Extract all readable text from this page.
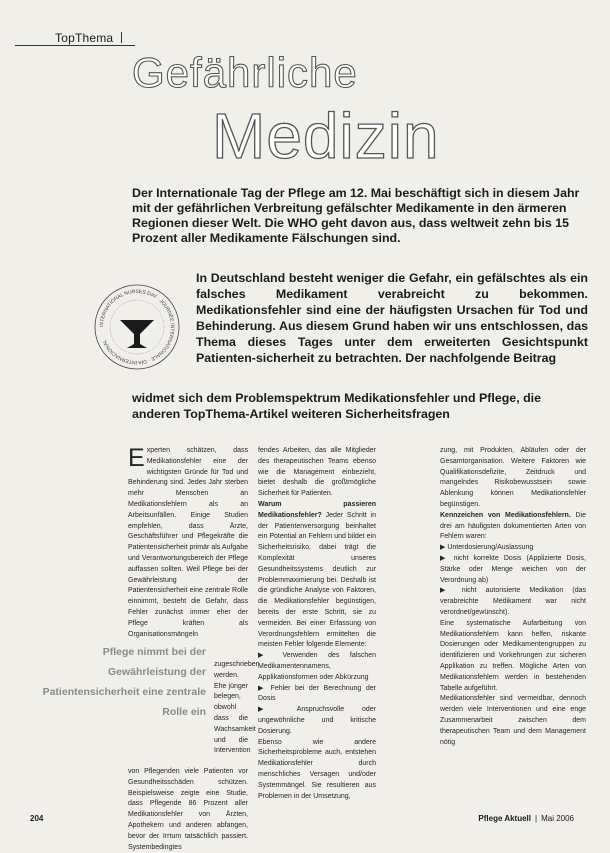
TopThema
Gefährliche
Medizin
Der Internationale Tag der Pflege am 12. Mai beschäftigt sich in diesem Jahr mit der gefährlichen Verbreitung gefälschter Medikamente in den ärmeren Regionen dieser Welt. Die WHO geht davon aus, dass weltweit zehn bis 15 Prozent aller Medikamente Fälschungen sind.
INTERNATIONAL NURSES DAY · JOURNÉE INTERNATIONALE · DÍA INTERNACIONAL
In Deutschland besteht weniger die Gefahr, ein gefälschtes als ein falsches Medikament verabreicht zu bekommen. Medikationsfehler sind eine der häufigsten Ursachen für Tod und Behinderung. Aus diesem Grund haben wir uns entschlossen, das Thema dieses Tages unter dem erweiterten Gesichtspunkt Patienten-sicherheit zu betrachten. Der nachfolgende Beitrag
widmet sich dem Problemspektrum Medikationsfehler und Pflege, die anderen TopThema-Artikel weiteren Sicherheitsfragen

E xperten schätzen, dass Medikationsfehler eine der wichtigsten Gründe für Tod und Behinderung sind. Jedes Jahr sterben mehr Menschen an Medikationsfehlern als an Arbeitsunfällen. Einige Studien empfehlen, dass Ärzte, Geschäftsführer und Pflegekräfte die Patientensicherheit primär als Aufgabe und Verantwortungsbereich der Pflege auffassen sollten. Weil Pflege bei der Gewährleistung der Patientensicherheit eine zentrale Rolle einnimmt, besteht die Gefahr, dass Fehler zunächst immer eher der Pflege kräften als Organisationsmängeln

Pflege nimmt bei der Gewährleistung der Patientensicherheit eine zentrale Rolle ein
zugeschrieben werden. Ehe jünger belegen, obwohl dass die Wachsamkeit und die Intervention
von Pflegenden viele Patienten vor Gesundheitsschäden schützen. Beispielsweise zeigte eine Studie, dass Pflegende 86 Prozent aller Medikationsfehler von Ärzten, Apothekern und anderen abfangen, bevor der Irrtum tatsächlich passiert. Systembedingtes

fendes Arbeiten, das alle Mitglieder des therapeutischen Teams ebenso wie die Management einbezieht, bietet deshalb die großtmögliche Sicherheit für Patienten.

Warum passieren Medikationsfehler? Jeder Schritt in der Patientenversorgung beinhaltet ein Potential an Fehlern und bildet ein Sicherheitsrisiko, dabei trägt die Komplexität unseres Gesundheitssystems deutlich zur Problemmaximierung bei. Deshalb ist die gründliche Analyse von Faktoren, die Medikationsfehler begünstigen, bereits der erste Schritt, sie zu vermeiden. Bei einer Erfassung von Verordnungsfehlern ermittelten die meisten Fehler folgende Elemente:

▶ Verwenden des falschen Medikamentennamens, Applikationsformen oder Abkürzung

▶ Fehler bei der Berechnung der Dosis

▶ Anspruchsvolle oder ungewöhnliche und kritische Dosierung.

Ebenso wie andere Sicherheitsprobleme auch, entstehen Medikationsfehler durch menschliches Versagen und/oder Systemmängel. Sie resultieren aus Problemen in der Umsetzung,

zung, mit Produkten, Abläufen oder der Gesamtorganisation. Weitere Faktoren wie Qualifikationsdefizite, Zeitdruck und mangelndes Risikobewusstsein sowie Ablenkung können Medikationsfehler begünstigen.

Kennzeichen von Medikationsfehlern. Die drei am häufigsten dokumentierten Arten von Fehlern waren:

▶ Unterdosierung/Auslassung

▶ nicht korrekte Dosis (Applizierte Dosis, Stärke oder Menge weichen von der Verordnung ab)

▶ nicht autorisierte Medikation (das verabreichte Medikament war nicht verordnet/gewünscht).

Eine systematische Aufarbeitung von Medikationsfehlern kann helfen, riskante Dosierungen oder Medikamentengruppen zu identifizieren und Vorkehrungen zur sicheren Applikation zu treffen. Mögliche Arten von Medikationsfehlern werden in bestehenden Tabelle aufgeführt.

Medikationsfehler sind vermeidbar, dennoch werden viele Interventionen und eine enge Zusammenarbeit zwischen dem therapeutischen Team und dem Management nötig

204	Pflege Aktuell | Mai 2006
